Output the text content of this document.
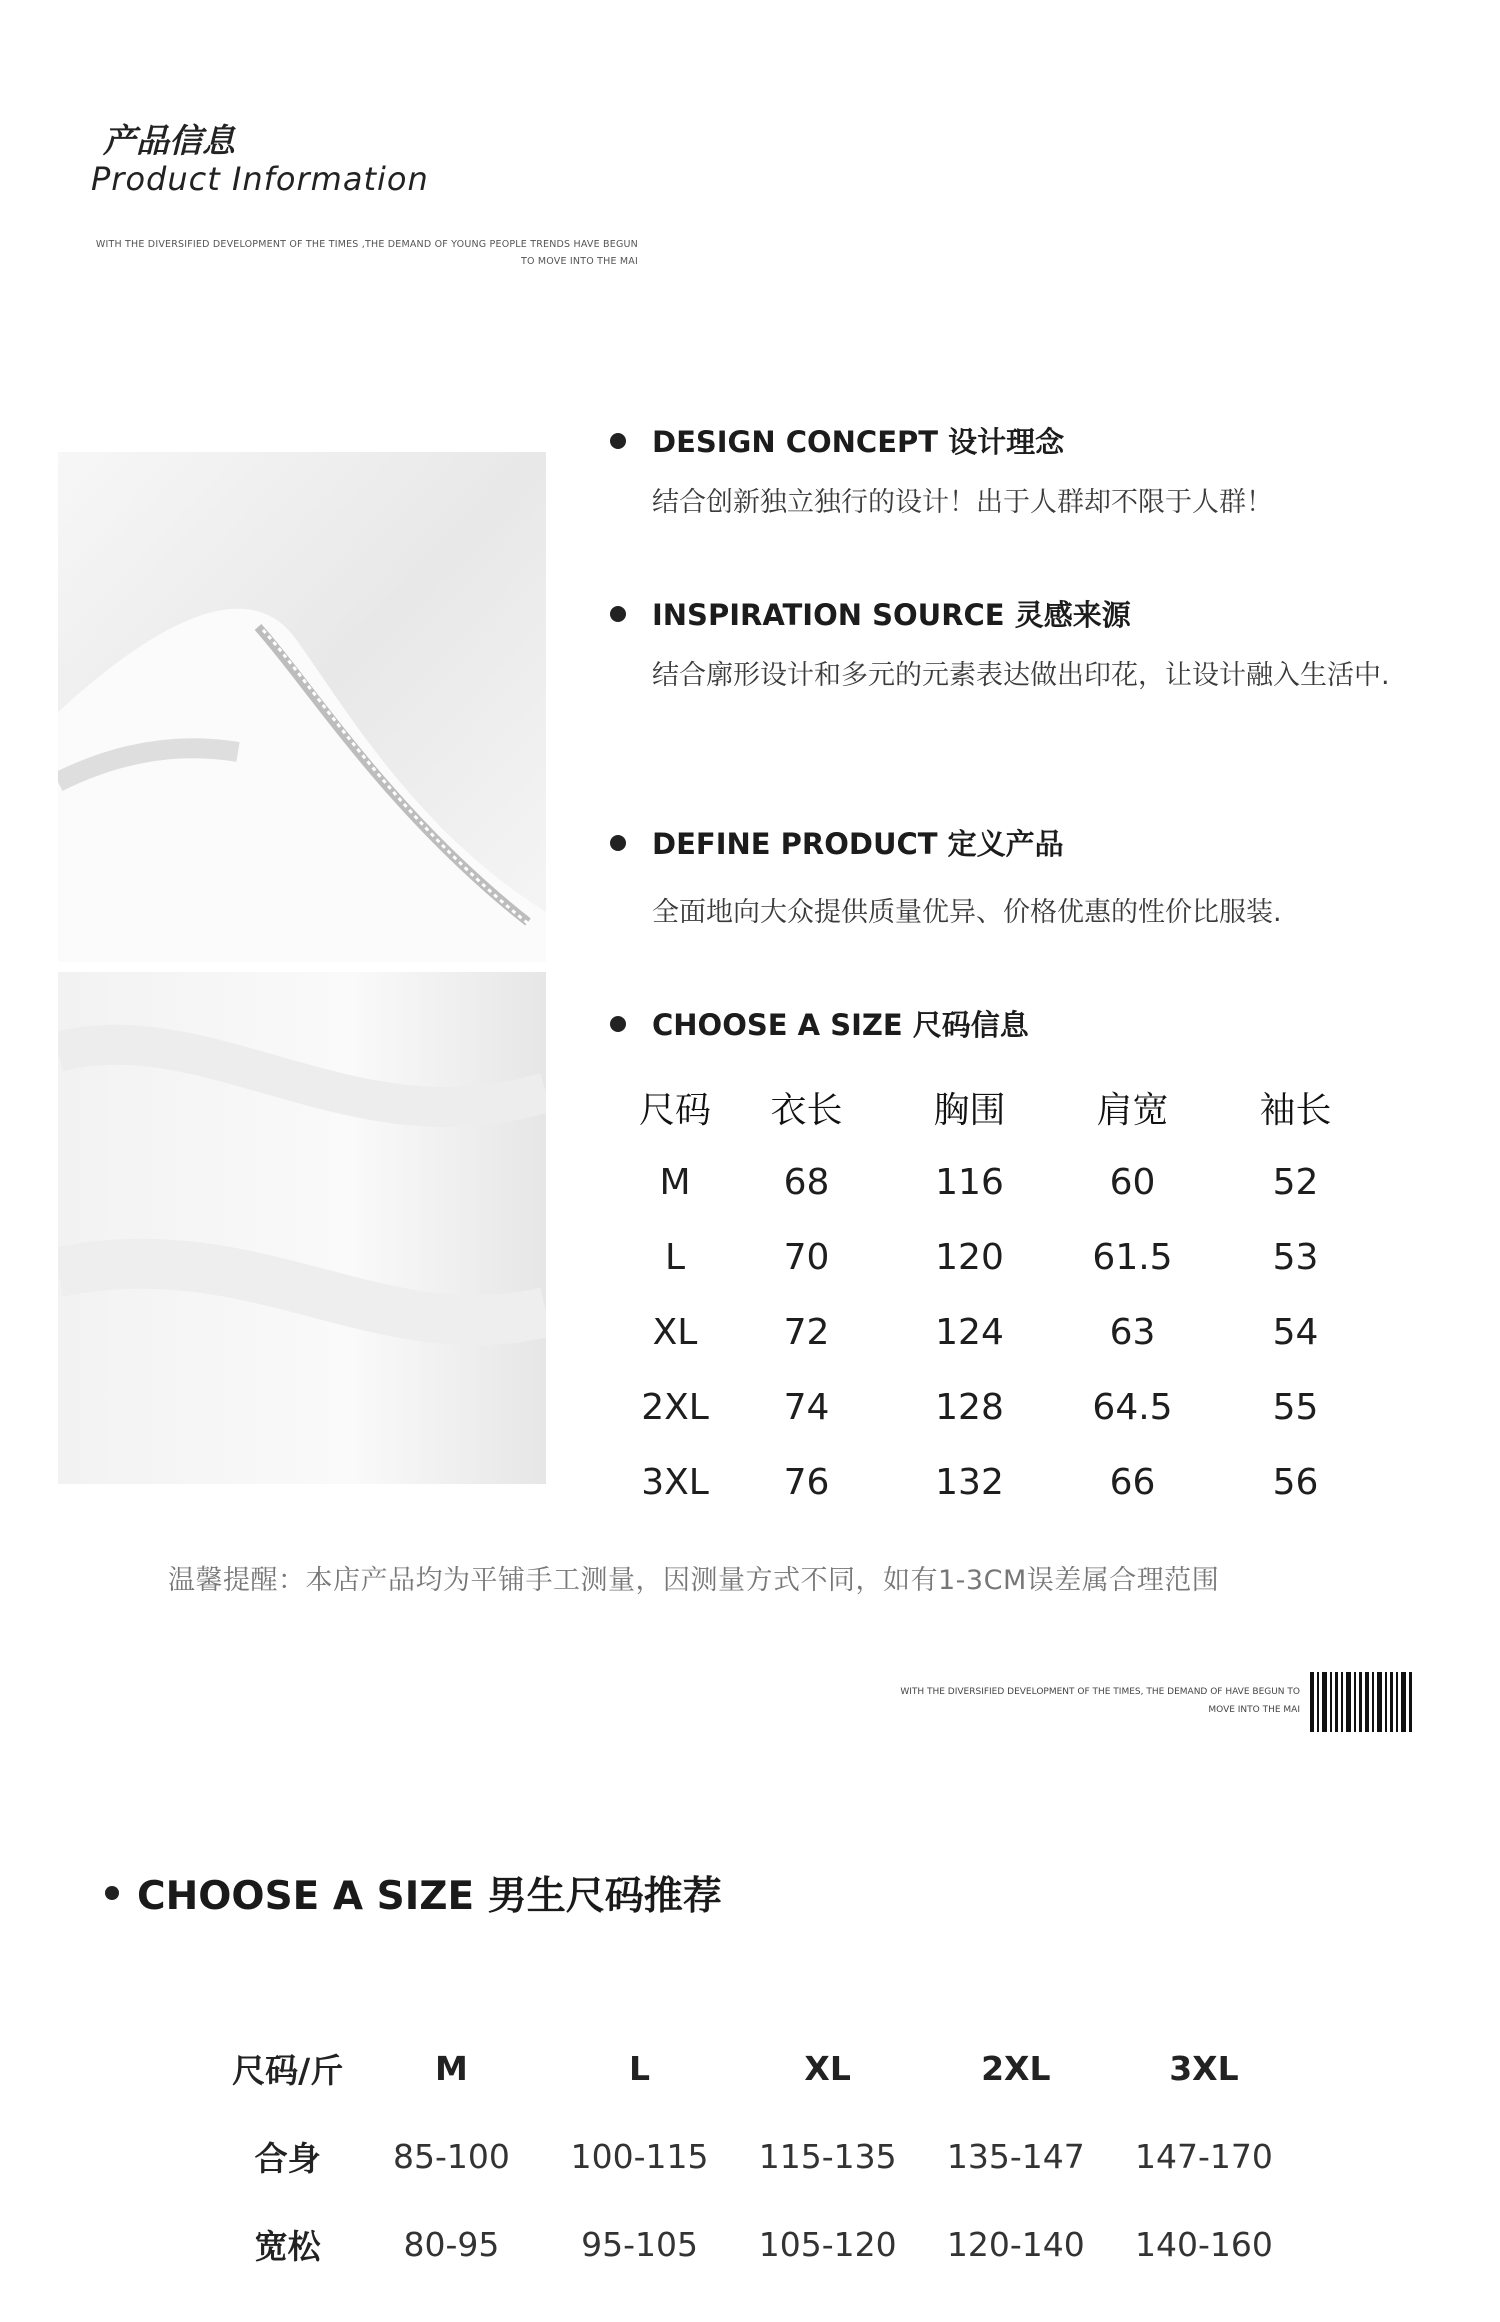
产品信息
Product Information
WITH THE DIVERSIFIED DEVELOPMENT OF THE TIMES ,THE DEMAND OF YOUNG PEOPLE TRENDS HAVE BEGUN TO MOVE INTO THE MAI
DESIGN CONCEPT 设计理念
结合创新独立独行的设计！出于人群却不限于人群！
INSPIRATION SOURCE 灵感来源
结合廓形设计和多元的元素表达做出印花，让设计融入生活中.
DEFINE PRODUCT 定义产品
全面地向大众提供质量优异、价格优惠的性价比服装.
CHOOSE A SIZE 尺码信息
尺码	衣长	胸围	肩宽	袖长
M	68	116	60	52
L	70	120	61.5	53
XL	72	124	63	54
2XL	74	128	64.5	55
3XL	76	132	66	56
温馨提醒：本店产品均为平铺手工测量，因测量方式不同，如有1-3CM误差属合理范围
WITH THE DIVERSIFIED DEVELOPMENT OF THE TIMES, THE DEMAND OF HAVE BEGUN TO MOVE INTO THE MAI
CHOOSE A SIZE 男生尺码推荐
尺码/斤	M	L	XL	2XL	3XL
合身	85-100	100-115	115-135	135-147	147-170
宽松	80-95	95-105	105-120	120-140	140-160
